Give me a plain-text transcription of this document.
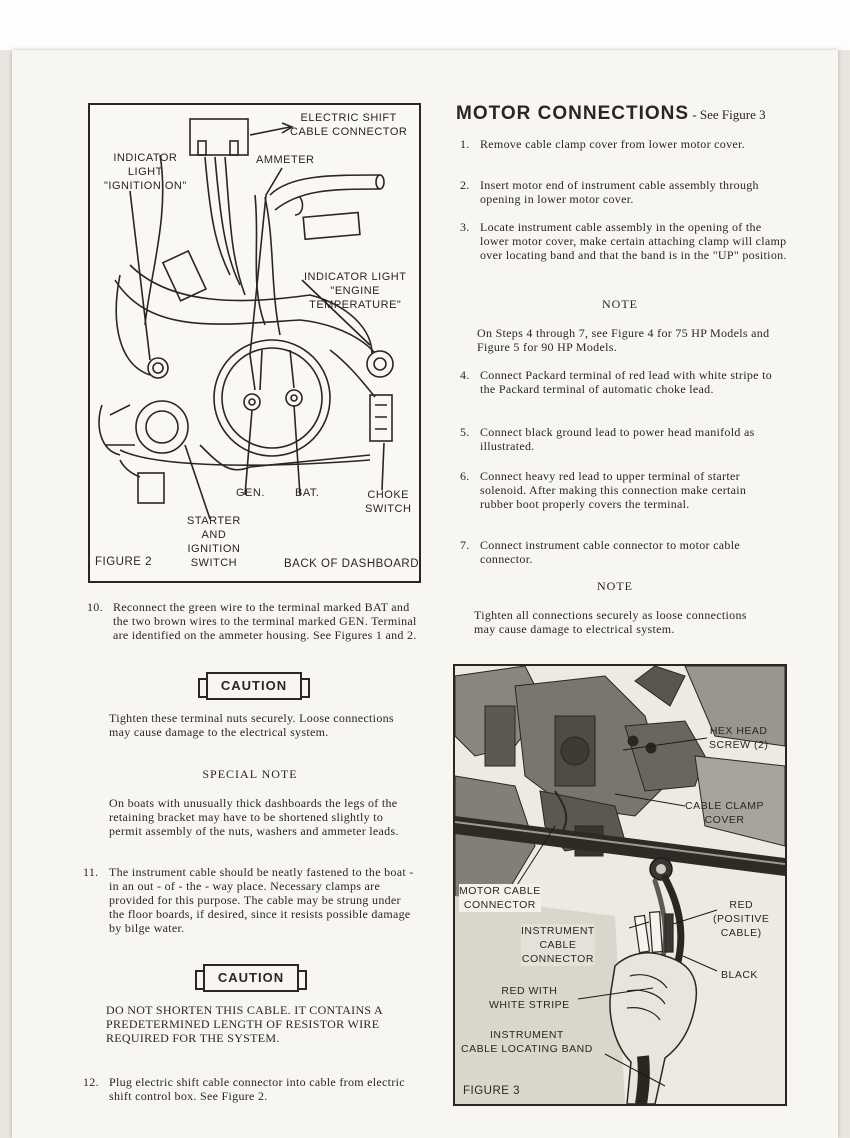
ELECTRIC SHIFT
CABLE CONNECTOR
INDICATOR
LIGHT
"IGNITION ON"
AMMETER
INDICATOR LIGHT
"ENGINE
TEMPERATURE"
GEN.	BAT.	CHOKE
SWITCH
STARTER
AND
IGNITION
SWITCH
FIGURE 2	BACK OF DASHBOARD
MOTOR CONNECTIONS - See Figure 3
1. Remove cable clamp cover from lower motor cover.
2. Insert motor end of instrument cable assembly through opening in lower motor cover.
3. Locate instrument cable assembly in the opening of the lower motor cover, make certain attaching clamp will clamp over locating band and that the band is in the "UP" position.
NOTE
On Steps 4 through 7, see Figure 4 for 75 HP Models and Figure 5 for 90 HP Models.
4. Connect Packard terminal of red lead with white stripe to the Packard terminal of automatic choke lead.
5. Connect black ground lead to power head manifold as illustrated.
6. Connect heavy red lead to upper terminal of starter solenoid. After making this connection make certain rubber boot properly covers the terminal.
7. Connect instrument cable connector to motor cable connector.
NOTE
Tighten all connections securely as loose connections may cause damage to electrical system.
10. Reconnect the green wire to the terminal marked BAT and the two brown wires to the terminal marked GEN. Terminal are identified on the ammeter housing. See Figures 1 and 2.
CAUTION
Tighten these terminal nuts securely. Loose connections may cause damage to the electrical system.
SPECIAL NOTE
On boats with unusually thick dashboards the legs of the retaining bracket may have to be shortened slightly to permit assembly of the nuts, washers and ammeter leads.
11. The instrument cable should be neatly fastened to the boat - in an out - of - the - way place. Necessary clamps are provided for this purpose. The cable may be strung under the floor boards, if desired, since it resists possible damage by bilge water.
CAUTION
DO NOT SHORTEN THIS CABLE. IT CONTAINS A PREDETERMINED LENGTH OF RESISTOR WIRE REQUIRED FOR THE SYSTEM.
12. Plug electric shift cable connector into cable from electric shift control box. See Figure 2.
HEX HEAD
SCREW (2)
CABLE CLAMP
COVER
MOTOR CABLE
CONNECTOR	RED
(POSITIVE
CABLE)
INSTRUMENT
CABLE
CONNECTOR
BLACK
RED WITH
WHITE STRIPE
INSTRUMENT
CABLE LOCATING BAND
FIGURE 3
